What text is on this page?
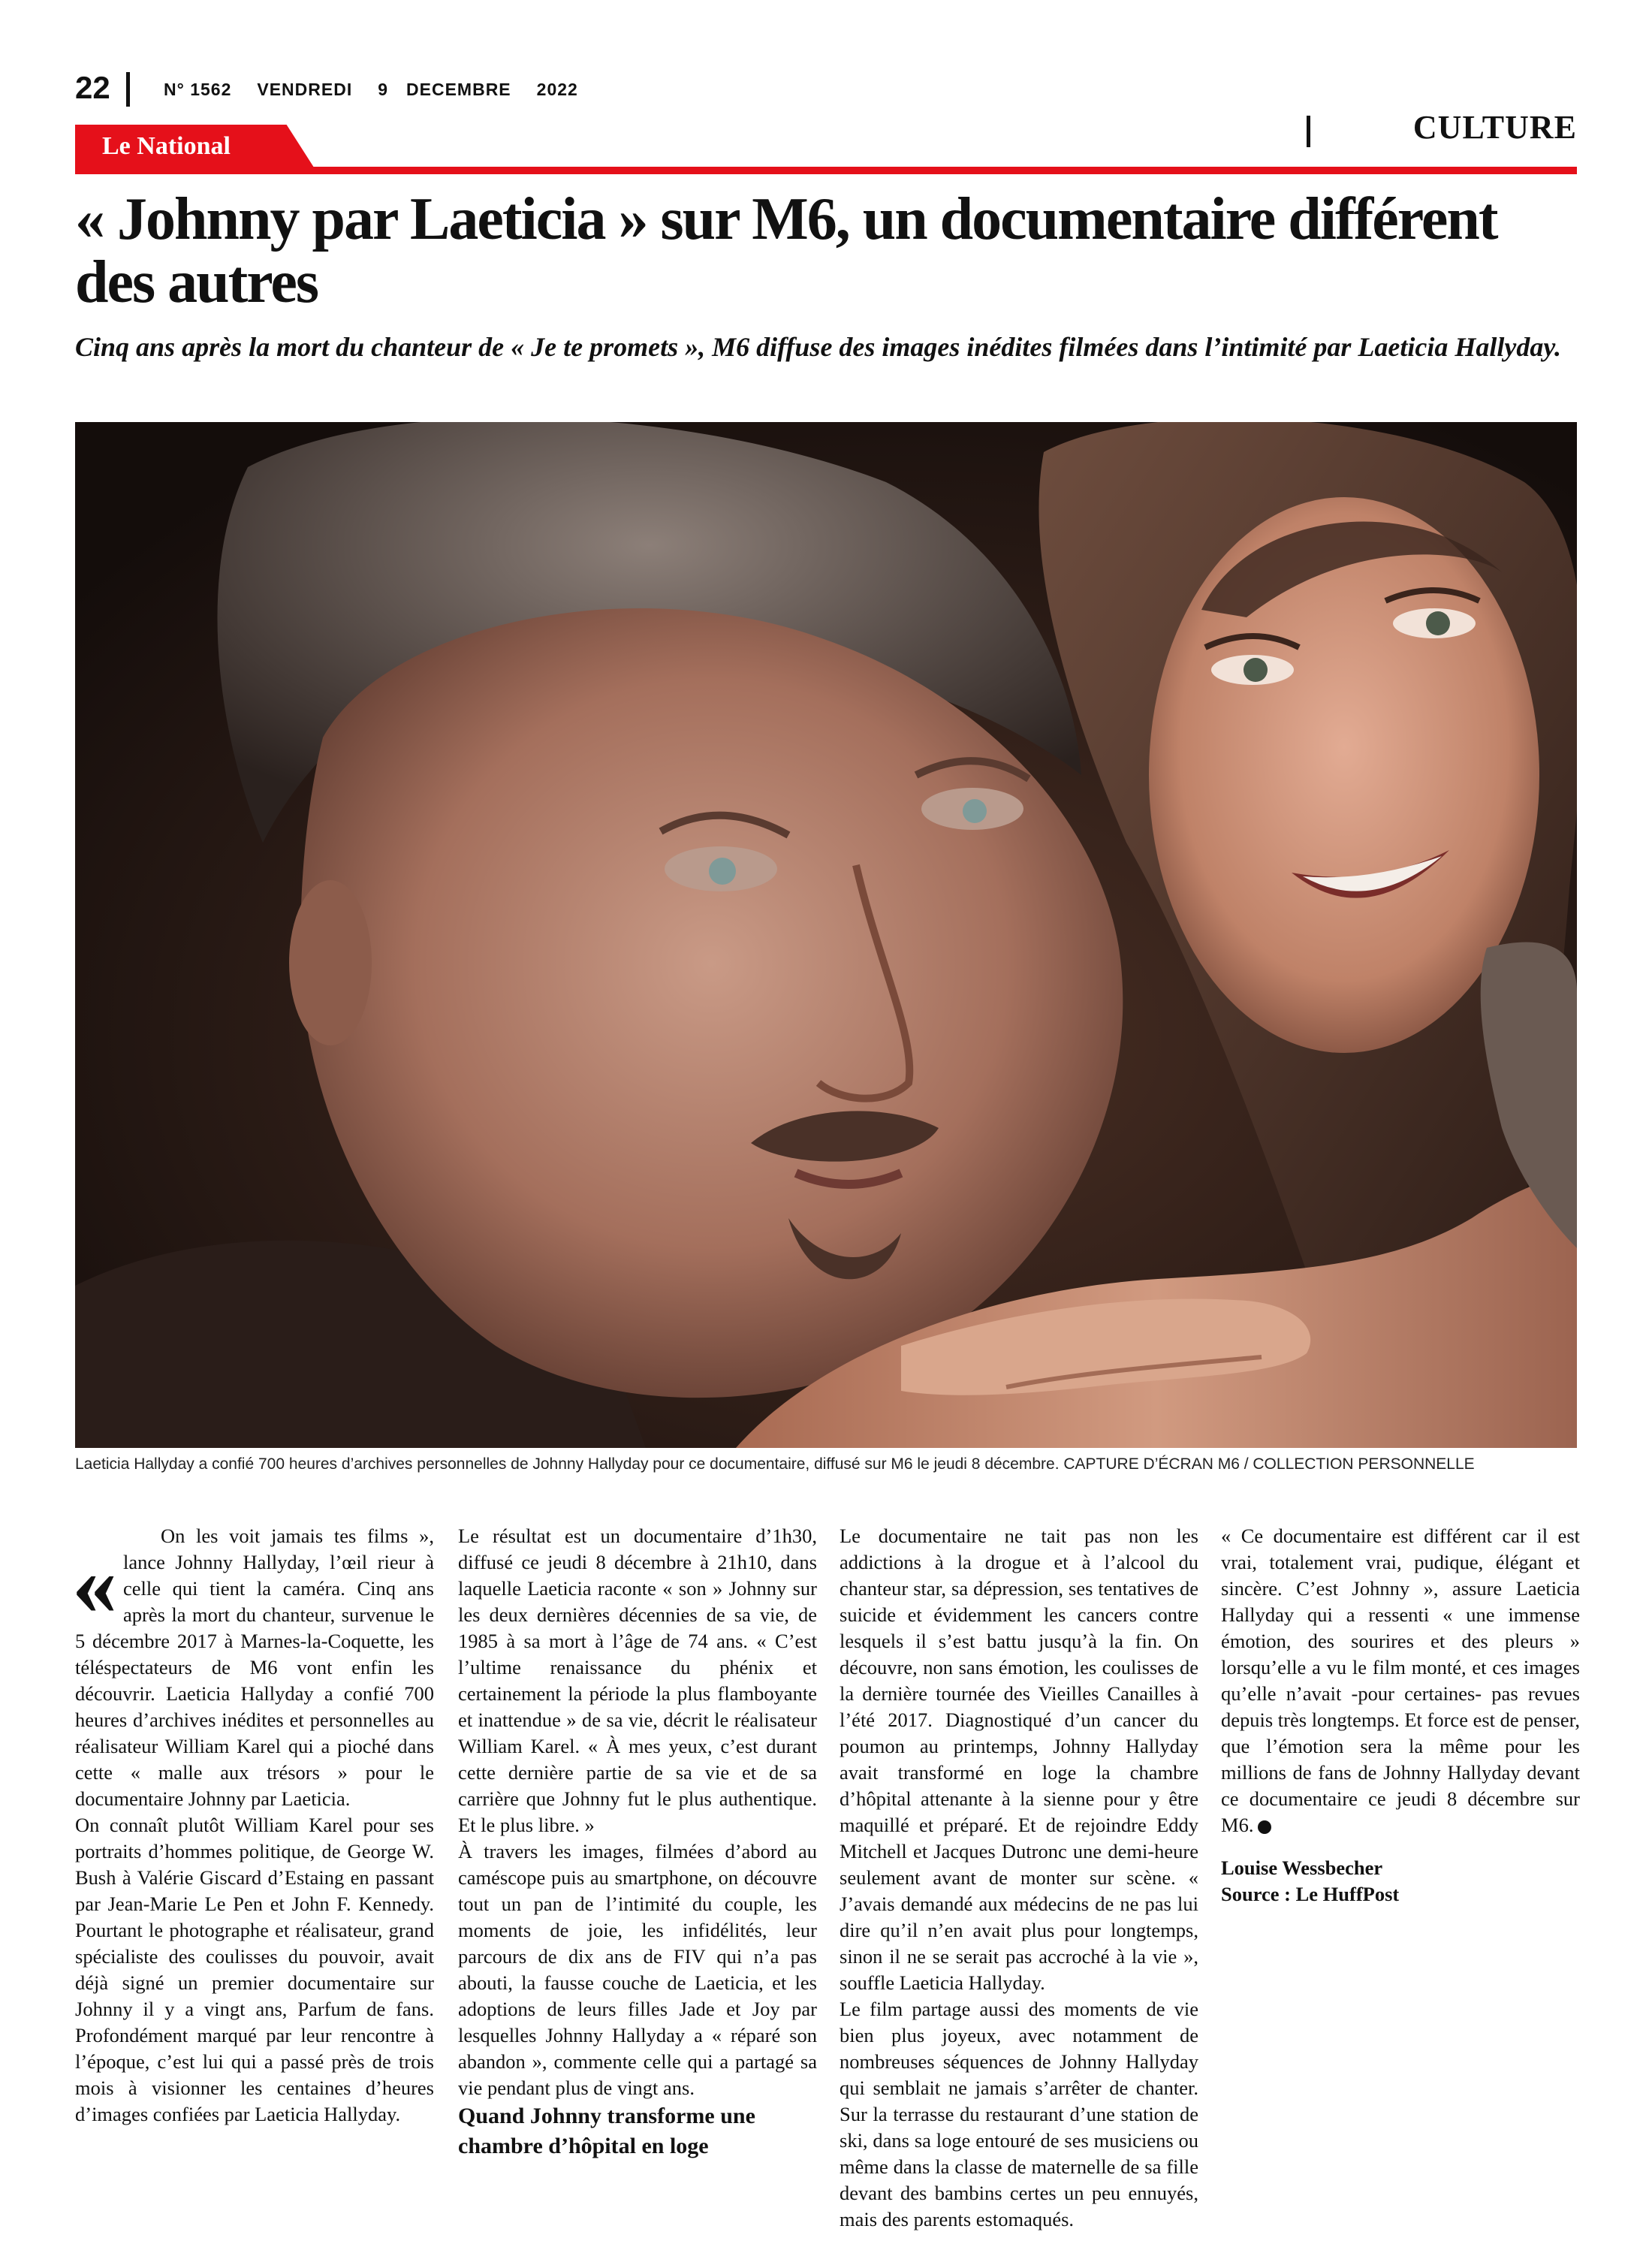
22	N° 1562 VENDREDI 9 DECEMBRE 2022
CULTURE
Le National
« Johnny par Laeticia » sur M6, un documentaire différent des autres

Cinq ans après la mort du chanteur de « Je te promets », M6 diffuse des images inédites filmées dans l’intimité par Laeticia Hallyday.

Laeticia Hallyday a confié 700 heures d’archives personnelles de Johnny Hallyday pour ce documentaire, diffusé sur M6 le jeudi 8 décembre. CAPTURE D’ÉCRAN M6 / COLLECTION PERSONNELLE

«	On les voit jamais tes films », lance Johnny Hallyday, l’œil rieur à celle qui tient la caméra. Cinq ans après la mort du chanteur, survenue le 5 décembre 2017 à Marnes-la-Coquette, les téléspectateurs de M6 vont enfin les découvrir. Laeticia Hallyday a confié 700 heures d’archives inédites et personnelles au réalisateur William Karel qui a pioché dans cette « malle aux trésors » pour le documentaire Johnny par Laeticia.

On connaît plutôt William Karel pour ses portraits d’hommes politique, de George W. Bush à Valérie Giscard d’Estaing en passant par Jean-Marie Le Pen et John F. Kennedy. Pourtant le photographe et réalisateur, grand spécialiste des coulisses du pouvoir, avait déjà signé un premier documentaire sur Johnny il y a vingt ans, Parfum de fans. Profondément marqué par leur rencontre à l’époque, c’est lui qui a passé près de trois mois à visionner les centaines d’heures d’images confiées par Laeticia Hallyday.

Le résultat est un documentaire d’1h30, diffusé ce jeudi 8 décembre à 21h10, dans laquelle Laeticia raconte « son » Johnny sur les deux dernières décennies de sa vie, de 1985 à sa mort à l’âge de 74 ans. « C’est l’ultime renaissance du phénix et certainement la période la plus flamboyante et inattendue » de sa vie, décrit le réalisateur William Karel. « À mes yeux, c’est durant cette dernière partie de sa vie et de sa carrière que Johnny fut le plus authentique. Et le plus libre. »

À travers les images, filmées d’abord au caméscope puis au smartphone, on découvre tout un pan de l’intimité du couple, les moments de joie, les infidélités, leur parcours de dix ans de FIV qui n’a pas abouti, la fausse couche de Laeticia, et les adoptions de leurs filles Jade et Joy par lesquelles Johnny Hallyday a « réparé son abandon », commente celle qui a partagé sa vie pendant plus de vingt ans.

Quand Johnny transforme une chambre d’hôpital en loge

Le documentaire ne tait pas non les addictions à la drogue et à l’alcool du chanteur star, sa dépression, ses tentatives de suicide et évidemment les cancers contre lesquels il s’est battu jusqu’à la fin. On découvre, non sans émotion, les coulisses de la dernière tournée des Vieilles Canailles à l’été 2017. Diagnostiqué d’un cancer du poumon au printemps, Johnny Hallyday avait transformé en loge la chambre d’hôpital attenante à la sienne pour y être maquillé et préparé. Et de rejoindre Eddy Mitchell et Jacques Dutronc une demi-heure seulement avant de monter sur scène. « J’avais demandé aux médecins de ne pas lui dire qu’il n’en avait plus pour longtemps, sinon il ne se serait pas accroché à la vie », souffle Laeticia Hallyday.

Le film partage aussi des moments de vie bien plus joyeux, avec notamment de nombreuses séquences de Johnny Hallyday qui semblait ne jamais s’arrêter de chanter. Sur la terrasse du restaurant d’une station de ski, dans sa loge entouré de ses musiciens ou même dans la classe de maternelle de sa fille devant des bambins certes un peu ennuyés, mais des parents estomaqués.

« Ce documentaire est différent car il est vrai, totalement vrai, pudique, élégant et sincère. C’est Johnny », assure Laeticia Hallyday qui a ressenti « une immense émotion, des sourires et des pleurs » lorsqu’elle a vu le film monté, et ces images qu’elle n’avait -pour certaines- pas revues depuis très longtemps. Et force est de penser, que l’émotion sera la même pour les millions de fans de Johnny Hallyday devant ce documentaire ce jeudi 8 décembre sur M6.

Louise Wessbecher

Source : Le HuffPost
